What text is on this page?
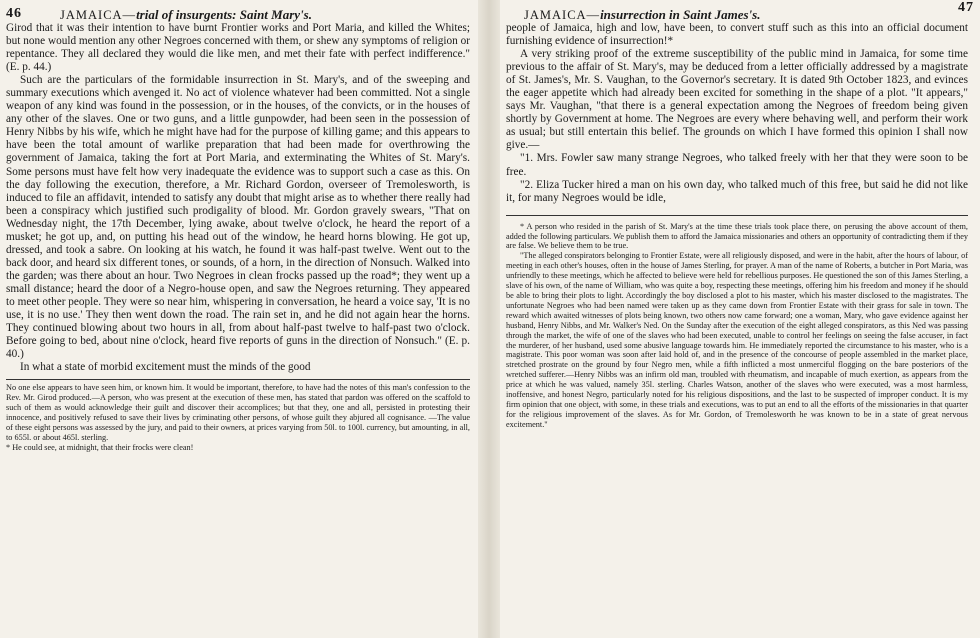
46	JAMAICA—trial of insurgents: Saint Mary's.

Girod that it was their intention to have burnt Frontier works and Port Maria, and killed the Whites; but none would mention any other Negroes concerned with them, or shew any symptoms of religion or repentance. They all declared they would die like men, and met their fate with perfect indifference." (E. p. 44.)

Such are the particulars of the formidable insurrection in St. Mary's, and of the sweeping and summary executions which avenged it. No act of violence whatever had been committed. Not a single weapon of any kind was found in the possession, or in the houses, of the convicts, or in the houses of any other of the slaves. One or two guns, and a little gunpowder, had been seen in the possession of Henry Nibbs by his wife, which he might have had for the purpose of killing game; and this appears to have been the total amount of warlike preparation that had been made for overthrowing the government of Jamaica, taking the fort at Port Maria, and exterminating the Whites of St. Mary's. Some persons must have felt how very inadequate the evidence was to support such a case as this. On the day following the execution, therefore, a Mr. Richard Gordon, overseer of Tremolesworth, is induced to file an affidavit, intended to satisfy any doubt that might arise as to whether there really had been a conspiracy which justified such prodigality of blood. Mr. Gordon gravely swears, "That on Wednesday night, the 17th December, lying awake, about twelve o'clock, he heard the report of a musket; he got up, and, on putting his head out of the window, he heard horns blowing. He got up, dressed, and took a sabre. On looking at his watch, he found it was half-past twelve. Went out to the back door, and heard six different tones, or sounds, of a horn, in the direction of Nonsuch. Walked into the garden; was there about an hour. Two Negroes in clean frocks passed up the road*; they went up a small distance; heard the door of a Negro-house open, and saw the Negroes returning. They appeared to meet other people. They were so near him, whispering in conversation, he heard a voice say, 'It is no use, it is no use.' They then went down the road. The rain set in, and he did not again hear the horns. They continued blowing about two hours in all, from about half-past twelve to half-past two o'clock. Before going to bed, about nine o'clock, heard five reports of guns in the direction of Nonsuch." (E. p. 40.)

In what a state of morbid excitement must the minds of the good

No one else appears to have seen him, or known him. It would be important, therefore, to have had the notes of this man's confession to the Rev. Mr. Girod produced.—A person, who was present at the execution of these men, has stated that pardon was offered on the scaffold to such of them as would acknowledge their guilt and discover their accomplices; but that they, one and all, persisted in protesting their innocence, and positively refused to save their lives by criminating other persons, of whose guilt they abjured all cognisance. —The value of these eight persons was assessed by the jury, and paid to their owners, at prices varying from 50l. to 100l. currency, but amounting, in all, to 655l. or about 465l. sterling.

* He could see, at midnight, that their frocks were clean!

JAMAICA—insurrection in Saint James's.	47

people of Jamaica, high and low, have been, to convert stuff such as this into an official document furnishing evidence of insurrection!*

A very striking proof of the extreme susceptibility of the public mind in Jamaica, for some time previous to the affair of St. Mary's, may be deduced from a letter officially addressed by a magistrate of St. James's, Mr. S. Vaughan, to the Governor's secretary. It is dated 9th October 1823, and evinces the eager appetite which had already been excited for something in the shape of a plot. "It appears," says Mr. Vaughan, "that there is a general expectation among the Negroes of freedom being given shortly by Government at home. The Negroes are every where behaving well, and perform their work as usual; but still entertain this belief. The grounds on which I have formed this opinion I shall now give.—

"1. Mrs. Fowler saw many strange Negroes, who talked freely with her that they were soon to be free.

"2. Eliza Tucker hired a man on his own day, who talked much of this free, but said he did not like it, for many Negroes would be idle,

* A person who resided in the parish of St. Mary's at the time these trials took place there, on perusing the above account of them, added the following particulars. We publish them to afford the Jamaica missionaries and others an opportunity of contradicting them if they are false. We believe them to be true.

"The alleged conspirators belonging to Frontier Estate, were all religiously disposed, and were in the habit, after the hours of labour, of meeting in each other's houses, often in the house of James Sterling, for prayer. A man of the name of Roberts, a butcher in Port Maria, was unfriendly to these meetings, which he affected to believe were held for rebellious purposes. He questioned the son of this James Sterling, a slave of his own, of the name of William, who was quite a boy, respecting these meetings, offering him his freedom and money if he should be able to bring their plots to light. Accordingly the boy disclosed a plot to his master, which his master disclosed to the magistrates. The unfortunate Negroes who had been named were taken up as they came down from Frontier Estate with their grass for sale in town. The reward which awaited witnesses of plots being known, two others now came forward; one a woman, Mary, who gave evidence against her husband, Henry Nibbs, and Mr. Walker's Ned. On the Sunday after the execution of the eight alleged conspirators, as this Ned was passing through the market, the wife of one of the slaves who had been executed, unable to control her feelings on seeing the false accuser, in fact the murderer, of her husband, used some abusive language towards him. He immediately reported the circumstance to his master, who is a magistrate. This poor woman was soon after laid hold of, and in the presence of the concourse of people assembled in the market place, stretched prostrate on the ground by four Negro men, while a fifth inflicted a most unmerciful flogging on the bare posteriors of the wretched sufferer.—Henry Nibbs was an infirm old man, troubled with rheumatism, and incapable of much exertion, as appears from the price at which he was valued, namely 35l. sterling. Charles Watson, another of the slaves who were executed, was a most harmless, inoffensive, and honest Negro, particularly noted for his religious dispositions, and the last to be suspected of improper conduct. It is my firm opinion that one object, with some, in these trials and executions, was to put an end to all the efforts of the missionaries in that quarter for the religious improvement of the slaves. As for Mr. Gordon, of Tremolesworth he was known to be in a state of great nervous excitement."
